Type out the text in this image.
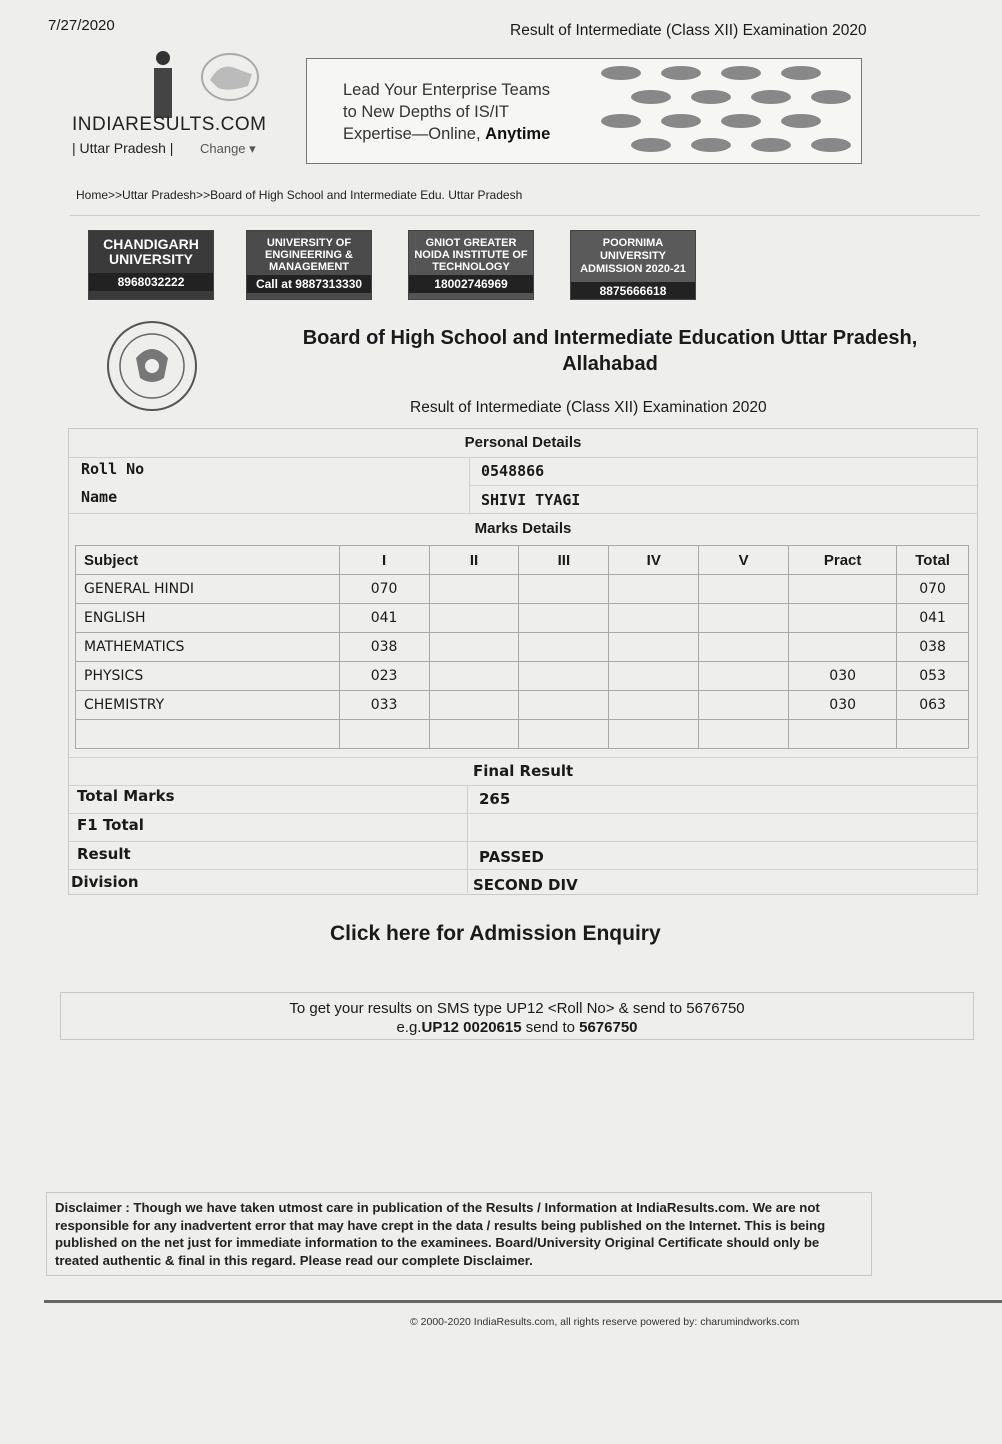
7/27/2020	Result of Intermediate (Class XII) Examination 2020
INDIARESULTS.COM
| Uttar Pradesh | Change ▾
Lead Your Enterprise Teams
to New Depths of IS/IT
Expertise—Online, Anytime
Home>>Uttar Pradesh>>Board of High School and Intermediate Edu. Uttar Pradesh
CHANDIGARH UNIVERSITY
8968032222
UNIVERSITY OF ENGINEERING & MANAGEMENT
Call at 9887313330
GNIOT GREATER NOIDA INSTITUTE OF TECHNOLOGY
18002746969
POORNIMA UNIVERSITY ADMISSION 2020-21
8875666618
Board of High School and Intermediate Education Uttar Pradesh,
Allahabad
Result of Intermediate (Class XII) Examination 2020
Personal Details
Roll No	0548866
Name	SHIVI TYAGI
Marks Details
Subject	I	II	III	IV	V	Pract	Total
GENERAL HINDI	070						070
ENGLISH	041						041
MATHEMATICS	038						038
PHYSICS	023					030	053
CHEMISTRY	033					030	063

Final Result
Total Marks	265
F1 Total
Result	PASSED
Division	SECOND DIV
Click here for Admission Enquiry
To get your results on SMS type UP12 <Roll No> & send to 5676750
e.g.UP12 0020615 send to 5676750
Disclaimer : Though we have taken utmost care in publication of the Results / Information at IndiaResults.com. We are not responsible for any inadvertent error that may have crept in the data / results being published on the Internet. This is being published on the net just for immediate information to the examinees. Board/University Original Certificate should only be treated authentic & final in this regard. Please read our complete Disclaimer.
© 2000-2020 IndiaResults.com, all rights reserve powered by: charumindworks.com
